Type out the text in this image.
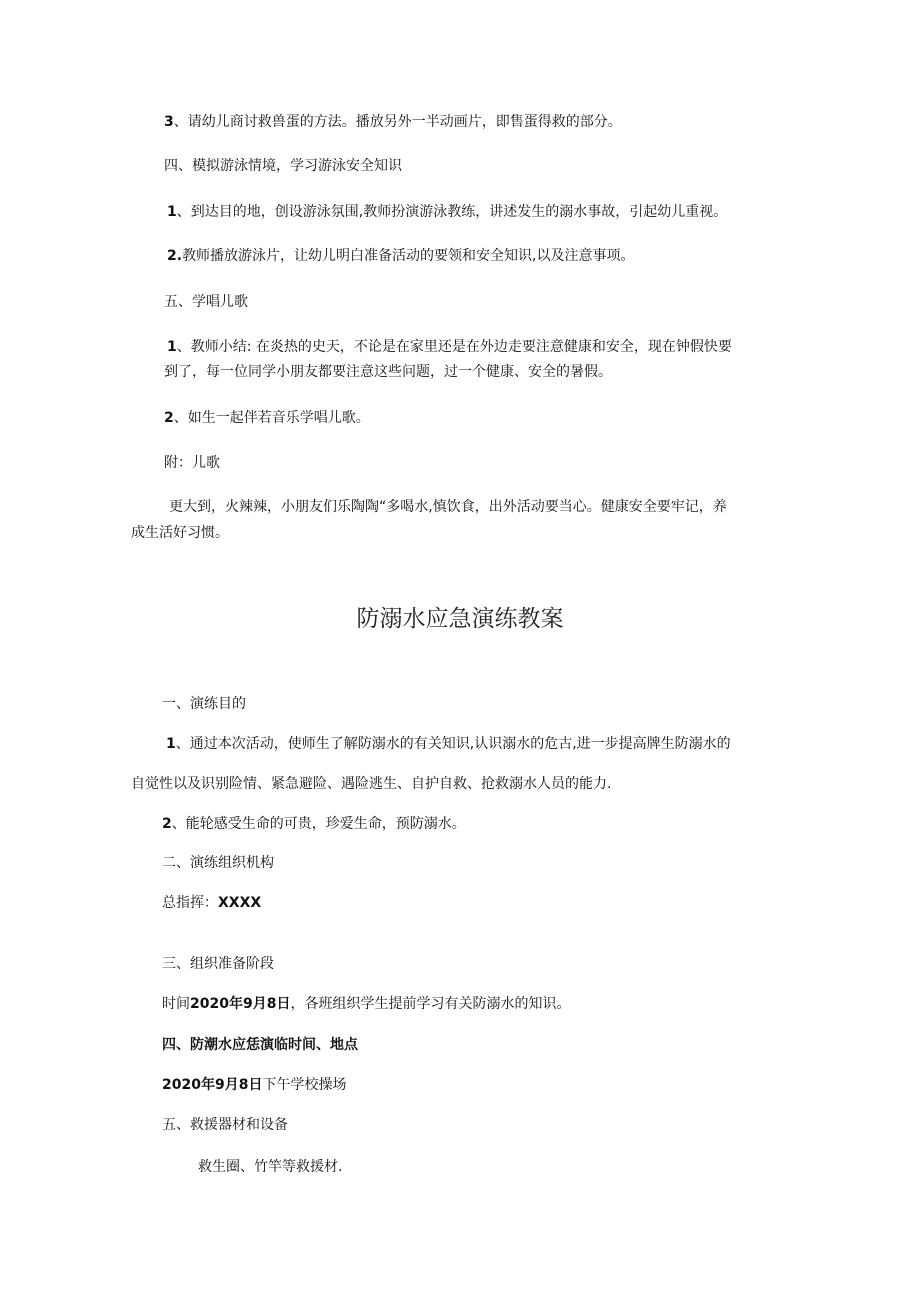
3、请幼儿商讨救兽蛋的方法。播放另外一半动画片，即售蛋得救的部分。

四、模拟游泳情境，学习游泳安全知识

1、到达目的地，创设游泳氛围,教师扮演游泳教练，讲述发生的溺水事故，引起幼儿重视。

2.教师播放游泳片，让幼儿明白准备活动的要领和安全知识,以及注意事项。

五、学唱儿歌

1、教师小结: 在炎热的史天，不论是在家里还是在外边走要注意健康和安全，现在钟假快要

到了，每一位同学小朋友都要注意这些问题，过一个健康、安全的暑假。

2、如生一起伴若音乐学唱儿歌。

附：儿歌

更大到，火辣辣，小朋友们乐陶陶“多喝水,慎饮食，出外活动要当心。健康安全要牢记，养

成生活好习惯。

防溺水应急演练教案

一、演练目的

1、通过本次活动，使师生了解防溺水的有关知识,认识溺水的危古,进一步提高牌生防溺水的

自觉性以及识别险情、紧急避险、遇险逃生、自护自救、抢救溺水人员的能力.

2、能轮感受生命的可贵，珍爱生命，预防溺水。

二、演练组织机构

总指挥：XXXX

三、组织准备阶段

时间2020年9月8日，各班组织学生提前学习有关防溺水的知识。

四、防潮水应恁演临时间、地点

2020年9月8日下午学校操场

五、救援器材和设备

救生圈、竹竿等救援材.
